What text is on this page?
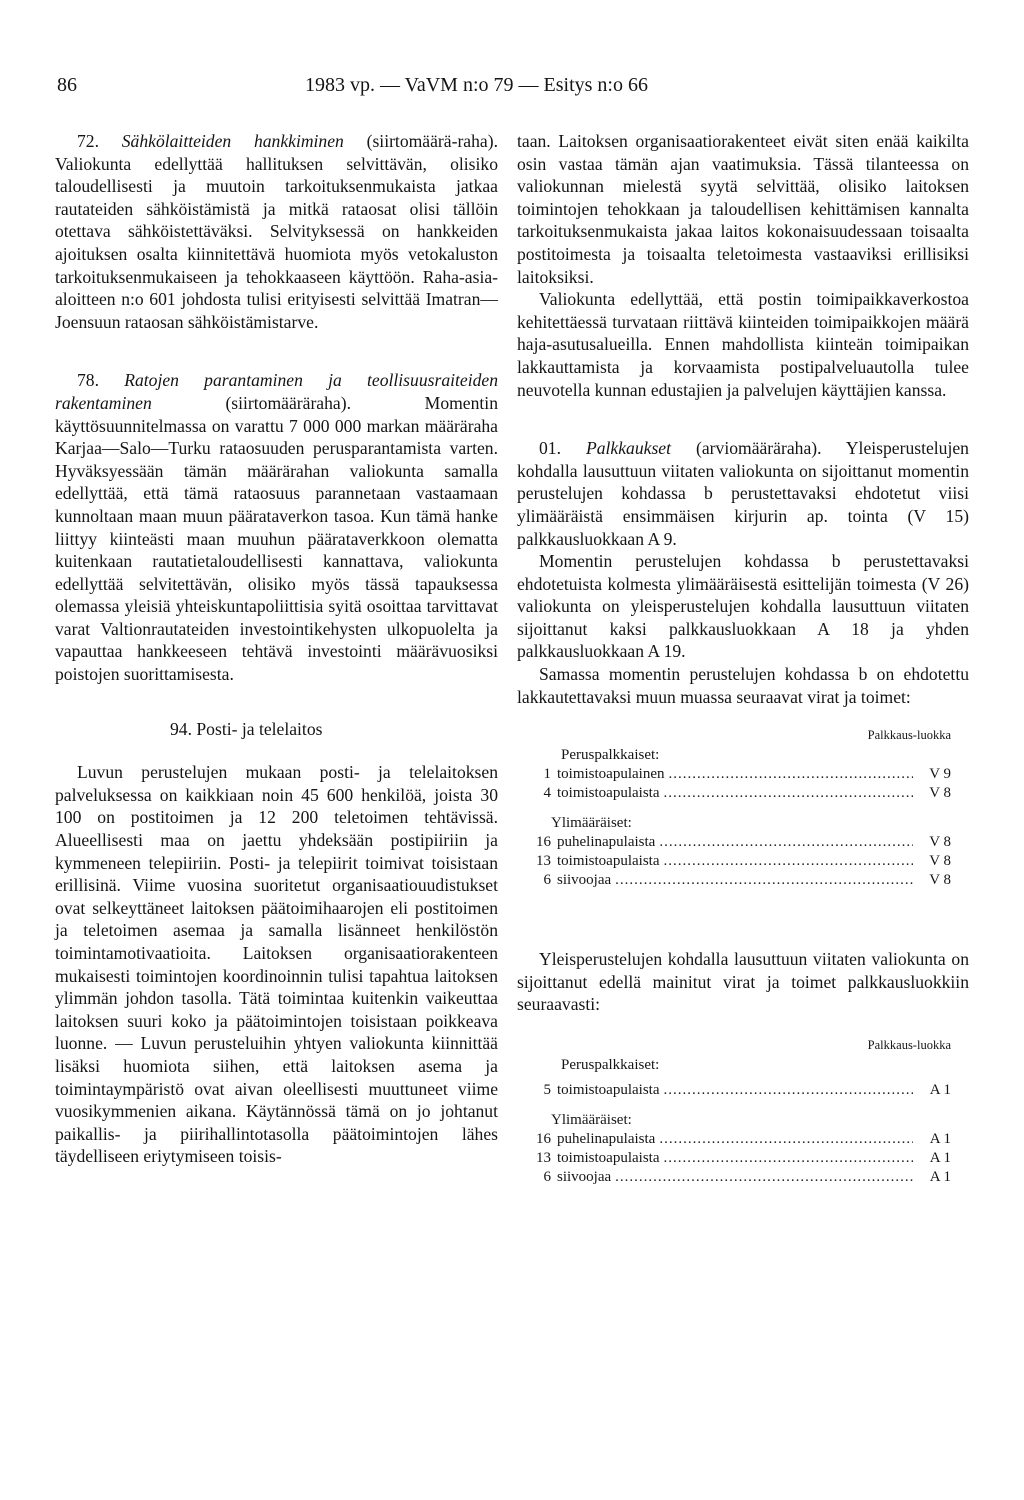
86	1983 vp. — VaVM n:o 79 — Esitys n:o 66

72. Sähkölaitteiden hankkiminen (siirtomäärä-raha). Valiokunta edellyttää hallituksen selvittävän, olisiko taloudellisesti ja muutoin tarkoituksenmukaista jatkaa rautateiden sähköistämistä ja mitkä rataosat olisi tällöin otettava sähköistettäväksi. Selvityksessä on hankkeiden ajoituksen osalta kiinnitettävä huomiota myös vetokaluston tarkoituksenmukaiseen ja tehokkaaseen käyttöön. Raha-asia-aloitteen n:o 601 johdosta tulisi erityisesti selvittää Imatran—Joensuun rataosan sähköistämistarve.

78. Ratojen parantaminen ja teollisuusraiteiden rakentaminen	(siirtomääräraha). Momentin käyttösuunnitelmassa on varattu 7 000 000 markan määräraha Karjaa—Salo—Turku rataosuuden perusparantamista varten. Hyväksyessään tämän määrärahan valiokunta samalla edellyttää, että tämä rataosuus parannetaan vastaamaan kunnoltaan maan muun päärataverkon tasoa. Kun tämä hanke liittyy kiinteästi maan muuhun päärataverkkoon olematta kuitenkaan rautatietaloudellisesti kannattava, valiokunta edellyttää selvitettävän, olisiko myös tässä tapauksessa olemassa yleisiä yhteiskuntapoliittisia syitä osoittaa tarvittavat varat Valtionrautateiden investointikehysten ulkopuolelta ja vapauttaa hankkeeseen tehtävä investointi määrävuosiksi poistojen suorittamisesta.

94. Posti- ja telelaitos

Luvun perustelujen mukaan posti- ja telelaitoksen palveluksessa on kaikkiaan noin 45 600 henkilöä, joista 30 100 on postitoimen ja 12 200 teletoimen tehtävissä. Alueellisesti maa on jaettu yhdeksään postipiiriin ja kymmeneen telepiiriin. Posti- ja telepiirit toimivat toisistaan erillisinä. Viime vuosina suoritetut organisaatiouudistukset ovat selkeyttäneet laitoksen päätoimihaarojen eli postitoimen ja teletoimen asemaa ja samalla lisänneet henkilöstön toimintamotivaatioita. Laitoksen organisaatiorakenteen mukaisesti toimintojen koordinoinnin tulisi tapahtua laitoksen ylimmän johdon tasolla. Tätä toimintaa kuitenkin vaikeuttaa laitoksen suuri koko ja päätoimintojen toisistaan poikkeava luonne. — Luvun perusteluihin yhtyen valiokunta kiinnittää lisäksi huomiota siihen, että laitoksen asema ja toimintaympäristö ovat aivan oleellisesti muuttuneet viime vuosikymmenien aikana. Käytännössä tämä on jo johtanut paikallis- ja piirihallintotasolla päätoimintojen lähes täydelliseen eriytymiseen toisis-

taan. Laitoksen organisaatiorakenteet eivät siten enää kaikilta osin vastaa tämän ajan vaatimuksia. Tässä tilanteessa on valiokunnan mielestä syytä selvittää, olisiko laitoksen toimintojen tehokkaan ja taloudellisen kehittämisen kannalta tarkoituksenmukaista jakaa laitos kokonaisuudessaan toisaalta postitoimesta ja toisaalta teletoimesta vastaaviksi erillisiksi laitoksiksi.

Valiokunta edellyttää, että postin toimipaikkaverkostoa kehitettäessä turvataan riittävä kiinteiden toimipaikkojen määrä haja-asutusalueilla. Ennen mahdollista kiinteän toimipaikan lakkauttamista ja korvaamista postipalveluautolla tulee neuvotella kunnan edustajien ja palvelujen käyttäjien kanssa.

01. Palkkaukset (arviomääräraha). Yleisperustelujen kohdalla lausuttuun viitaten valiokunta on sijoittanut momentin perustelujen kohdassa b perustettavaksi ehdotetut viisi ylimääräistä ensimmäisen kirjurin ap. tointa (V 15) palkkausluokkaan A 9.

Momentin perustelujen kohdassa b perustettavaksi ehdotetuista kolmesta ylimääräisestä esittelijän toimesta (V 26) valiokunta on yleisperustelujen kohdalla lausuttuun viitaten sijoittanut kaksi palkkausluokkaan A 18 ja yhden palkkausluokkaan A 19.

Samassa momentin perustelujen kohdassa b on ehdotettu lakkautettavaksi muun muassa seuraavat virat ja toimet:

Palkkaus-luokka
Peruspalkkaiset:
1 toimistoapulainen .....	V 9
4 toimistoapulaista .....	V 8
Ylimääräiset:
16 puhelinapulaista .....	V 8
13 toimistoapulaista .....	V 8
6 siivoojaa .....	V 8

Yleisperustelujen kohdalla lausuttuun viitaten valiokunta on sijoittanut edellä mainitut virat ja toimet palkkausluokkiin seuraavasti:

Palkkaus-luokka
Peruspalkkaiset:
5 toimistoapulaista .....	A 1
Ylimääräiset:
16 puhelinapulaista .....	A 1
13 toimistoapulaista .....	A 1
6 siivoojaa .....	A 1
